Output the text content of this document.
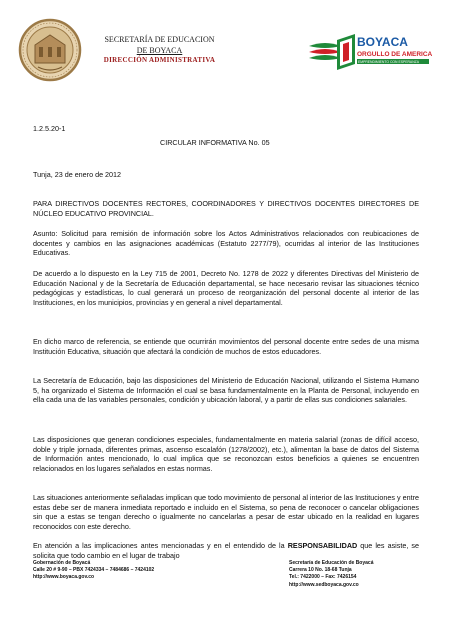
SECRETARÍA DE EDUCACION
DE BOYACA
DIRECCIÓN ADMINISTRATIVA
BOYACA
ORGULLO DE AMERICA
EMPRENDIMIENTO CON ESPERANZA
1.2.5.20-1
CIRCULAR INFORMATIVA No. 05
Tunja, 23 de enero de 2012

PARA DIRECTIVOS DOCENTES RECTORES, COORDINADORES Y DIRECTIVOS DOCENTES DIRECTORES DE NÚCLEO EDUCATIVO PROVINCIAL.

Asunto: Solicitud para remisión de información sobre los Actos Administrativos relacionados con reubicaciones de docentes y cambios en las asignaciones académicas (Estatuto 2277/79), ocurridas al interior de las Instituciones Educativas.

De acuerdo a lo dispuesto en la Ley 715 de 2001, Decreto No. 1278 de 2022 y diferentes Directivas del Ministerio de Educación Nacional y de la Secretaría de Educación departamental, se hace necesario revisar las situaciones técnico pedagógicas y estadísticas, lo cual generará un proceso de reorganización del personal docente al interior de las Instituciones, en los municipios, provincias y en general a nivel departamental.

En dicho marco de referencia, se entiende que ocurrirán movimientos del personal docente entre sedes de una misma Institución Educativa, situación que afectará la condición de muchos de estos educadores.

La Secretaría de Educación, bajo las disposiciones del Ministerio de Educación Nacional, utilizando el Sistema Humano 5, ha organizado el Sistema de Información el cual se basa fundamentalmente en la Planta de Personal, incluyendo en ella cada una de las variables personales, condición y ubicación laboral, y a partir de ellas sus condiciones salariales.

Las disposiciones que generan condiciones especiales, fundamentalmente en materia salarial (zonas de difícil acceso, doble y triple jornada, diferentes primas, ascenso escalafón (1278/2002), etc.), alimentan la base de datos del Sistema de Información antes mencionado, lo cual implica que se reconozcan estos beneficios a quienes se encuentren relacionados en los lugares señalados en estas normas.

Las situaciones anteriormente señaladas implican que todo movimiento de personal al interior de las Instituciones y entre estas debe ser de manera inmediata reportado e incluido en el Sistema, so pena de reconocer o cancelar obligaciones sin que a estas se tengan derecho o igualmente no cancelarlas a pesar de estar ubicado en la realidad en lugares reconocidos con este derecho.

En atención a las implicaciones antes mencionadas y en el entendido de la RESPONSABILIDAD que les asiste, se solicita que todo cambio en el lugar de trabajo

Gobernación de Boyacá
Calle 20 # 9-90 – PBX 7424334 – 7484686 – 7424102
http://www.boyaca.gov.co
Secretaría de Educación de Boyacá
Carrera 10 No. 18-68 Tunja
Tel.: 7422000 – Fax: 7426154
http://www.sedboyaca.gov.co
